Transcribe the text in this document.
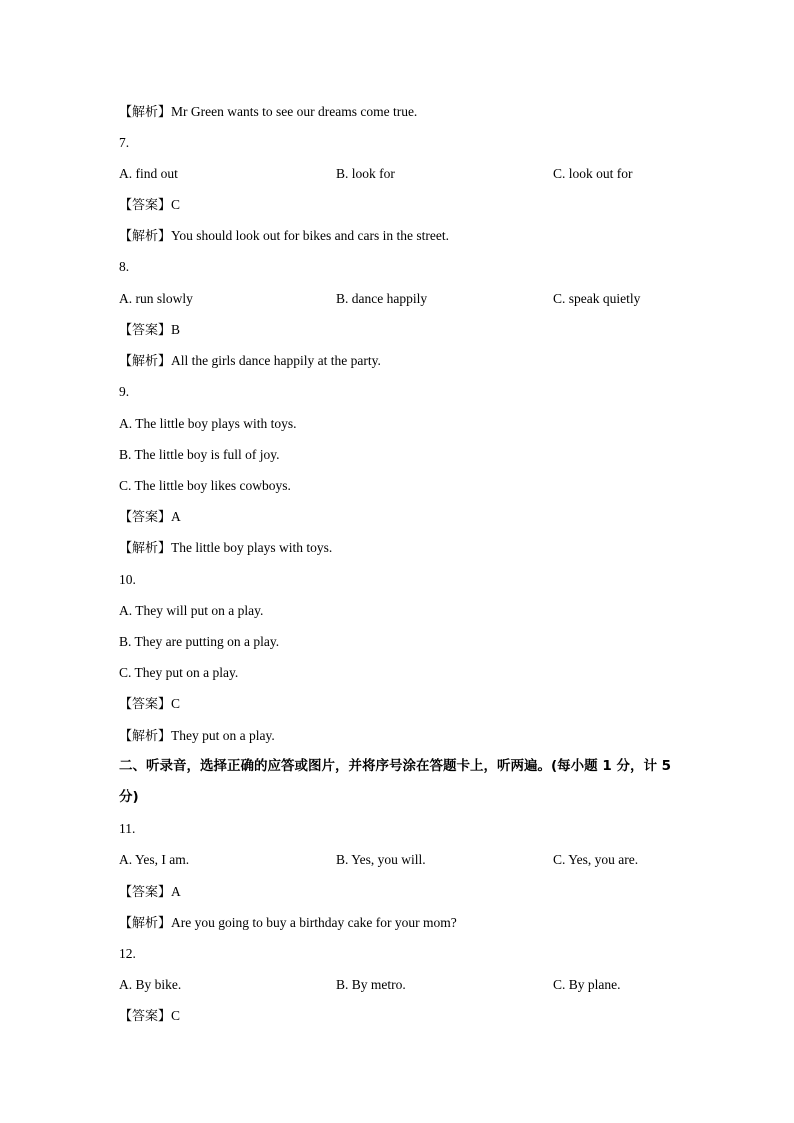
【解析】Mr Green wants to see our dreams come true.
7.
A. find out	B. look for	C. look out for
【答案】C
【解析】You should look out for bikes and cars in the street.
8.
A. run slowly	B. dance happily	C. speak quietly
【答案】B
【解析】All the girls dance happily at the party.
9.
A. The little boy plays with toys.
B. The little boy is full of joy.
C. The little boy likes cowboys.
【答案】A
【解析】The little boy plays with toys.
10.
A. They will put on a play.
B. They are putting on a play.
C. They put on a play.
【答案】C
【解析】They put on a play.
二、听录音，选择正确的应答或图片，并将序号涂在答题卡上，听两遍。(每小题 1 分，计 5 分)
11.
A. Yes, I am.	B. Yes, you will.	C. Yes, you are.
【答案】A
【解析】Are you going to buy a birthday cake for your mom?
12.
A. By bike.	B. By metro.	C. By plane.
【答案】C
